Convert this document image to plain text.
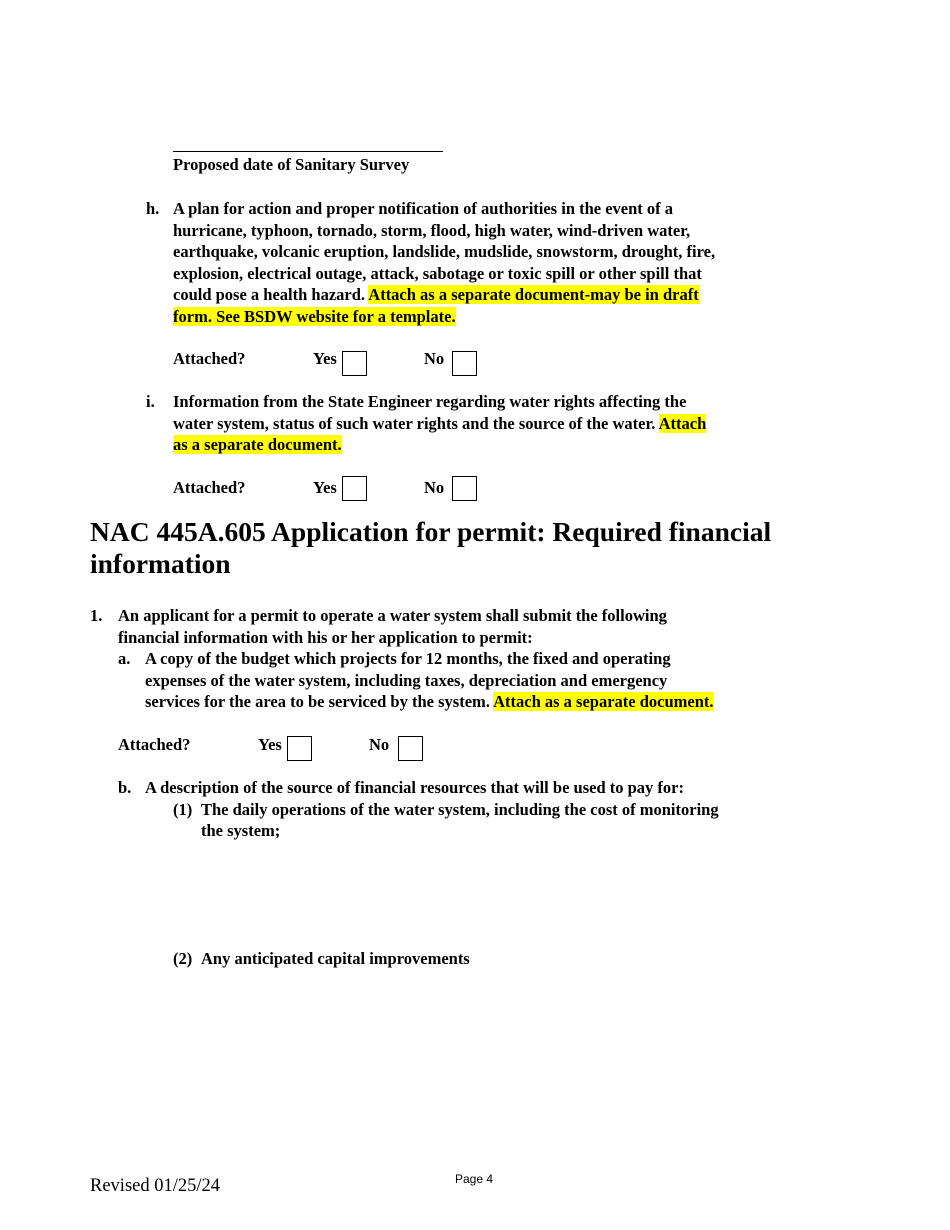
Proposed date of Sanitary Survey
h. A plan for action and proper notification of authorities in the event of a
hurricane, typhoon, tornado, storm, flood, high water, wind-driven water,
earthquake, volcanic eruption, landslide, mudslide, snowstorm, drought, fire,
explosion, electrical outage, attack, sabotage or toxic spill or other spill that
could pose a health hazard. Attach as a separate document-may be in draft
form. See BSDW website for a template.
Attached?	Yes	No
i. Information from the State Engineer regarding water rights affecting the
water system, status of such water rights and the source of the water. Attach
as a separate document.
Attached?	Yes	No
NAC 445A.605 Application for permit: Required financial information
1. An applicant for a permit to operate a water system shall submit the following
financial information with his or her application to permit:
a. A copy of the budget which projects for 12 months, the fixed and operating
expenses of the water system, including taxes, depreciation and emergency
services for the area to be serviced by the system. Attach as a separate document.
Attached?	Yes	No
b. A description of the source of financial resources that will be used to pay for:
(1) The daily operations of the water system, including the cost of monitoring
the system;
(2) Any anticipated capital improvements
Revised 01/25/24	Page 4
